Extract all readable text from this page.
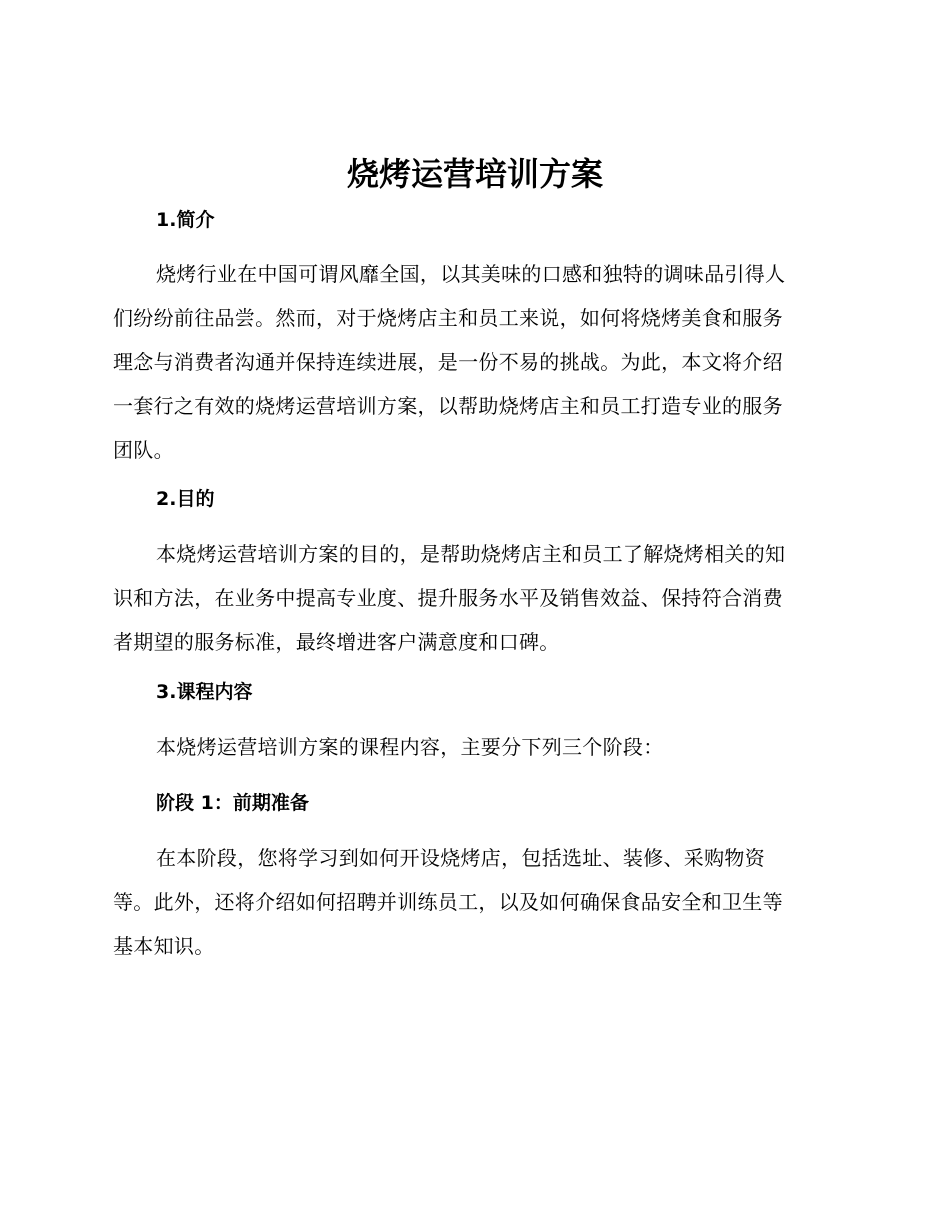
烧烤运营培训方案
1.简介
烧烤行业在中国可谓风靡全国，以其美味的口感和独特的调味品引得人
们纷纷前往品尝。然而，对于烧烤店主和员工来说，如何将烧烤美食和服务
理念与消费者沟通并保持连续进展，是一份不易的挑战。为此，本文将介绍
一套行之有效的烧烤运营培训方案，以帮助烧烤店主和员工打造专业的服务
团队。
2.目的
本烧烤运营培训方案的目的，是帮助烧烤店主和员工了解烧烤相关的知
识和方法，在业务中提高专业度、提升服务水平及销售效益、保持符合消费
者期望的服务标准，最终增进客户满意度和口碑。
3.课程内容
本烧烤运营培训方案的课程内容，主要分下列三个阶段：
阶段 1：前期准备
在本阶段，您将学习到如何开设烧烤店，包括选址、装修、采购物资
等。此外，还将介绍如何招聘并训练员工，以及如何确保食品安全和卫生等
基本知识。
